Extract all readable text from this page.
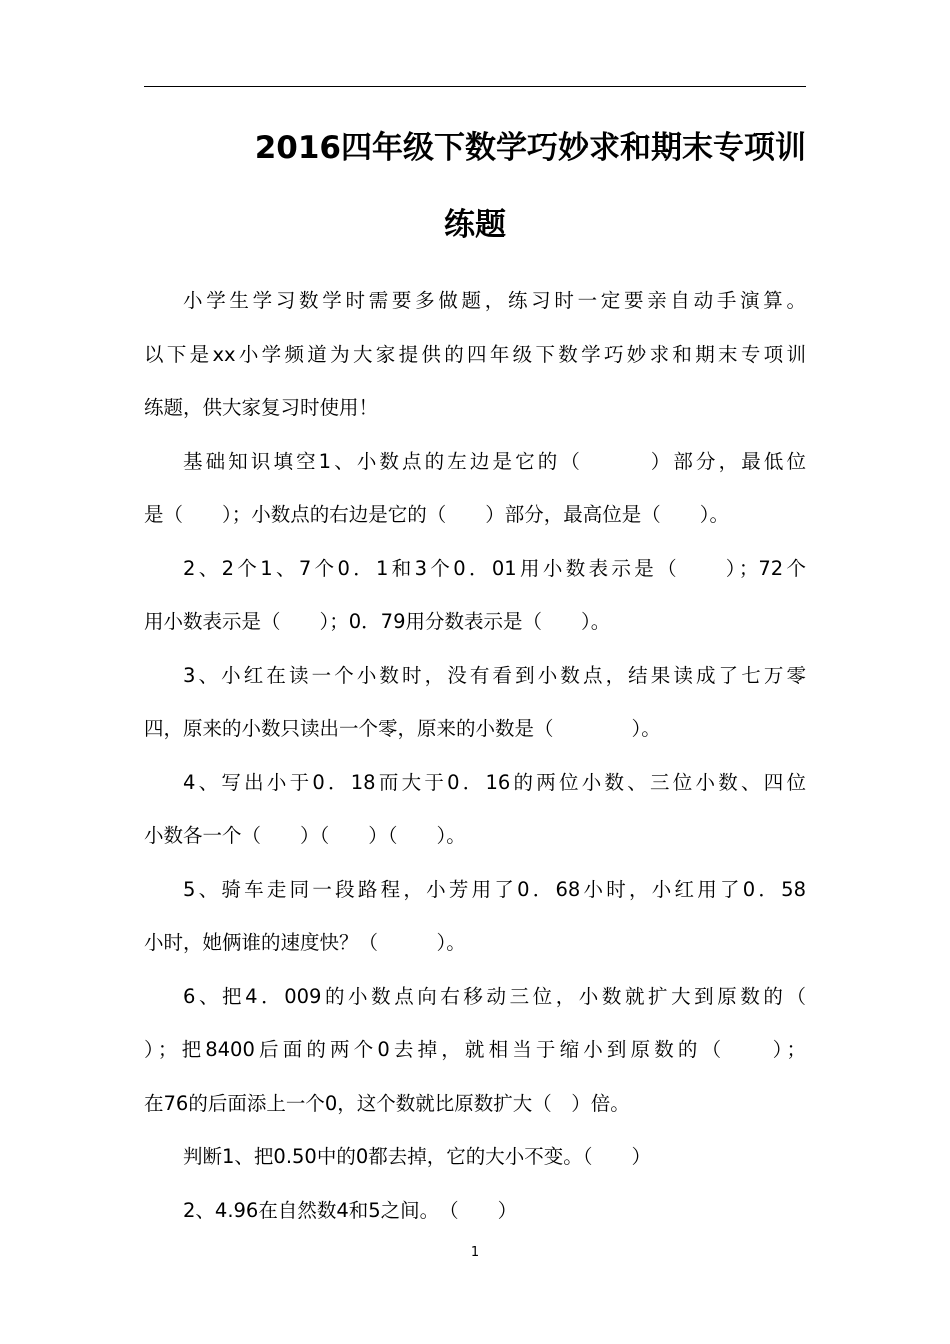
2016四年级下数学巧妙求和期末专项训
练题

小学生学习数学时需要多做题，练习时一定要亲自动手演算。
以下是xx小学频道为大家提供的四年级下数学巧妙求和期末专项训
练题，供大家复习时使用！

基础知识填空1、小数点的左边是它的（　　　）部分，最低位
是（　　）；小数点的右边是它的（　　）部分，最高位是（　　）。

2、2个1、7个0．1和3个0．01用小数表示是（　　）；72个
用小数表示是（　　）；0．79用分数表示是（　　）。

3、小红在读一个小数时，没有看到小数点，结果读成了七万零
四，原来的小数只读出一个零，原来的小数是（　　　　）。

4、写出小于0．18而大于0．16的两位小数、三位小数、四位
小数各一个（　　）（　　）（　　）。

5、骑车走同一段路程，小芳用了0．68小时，小红用了0．58
小时，她俩谁的速度快？（　　　）。

6、把4．009的小数点向右移动三位，小数就扩大到原数的（
）；把8400后面的两个0去掉，就相当于缩小到原数的（　　）；
在76的后面添上一个0，这个数就比原数扩大（　）倍。

判断1、把0.50中的0都去掉，它的大小不变。（　　）

2、4.96在自然数4和5之间。　（　　）

1
